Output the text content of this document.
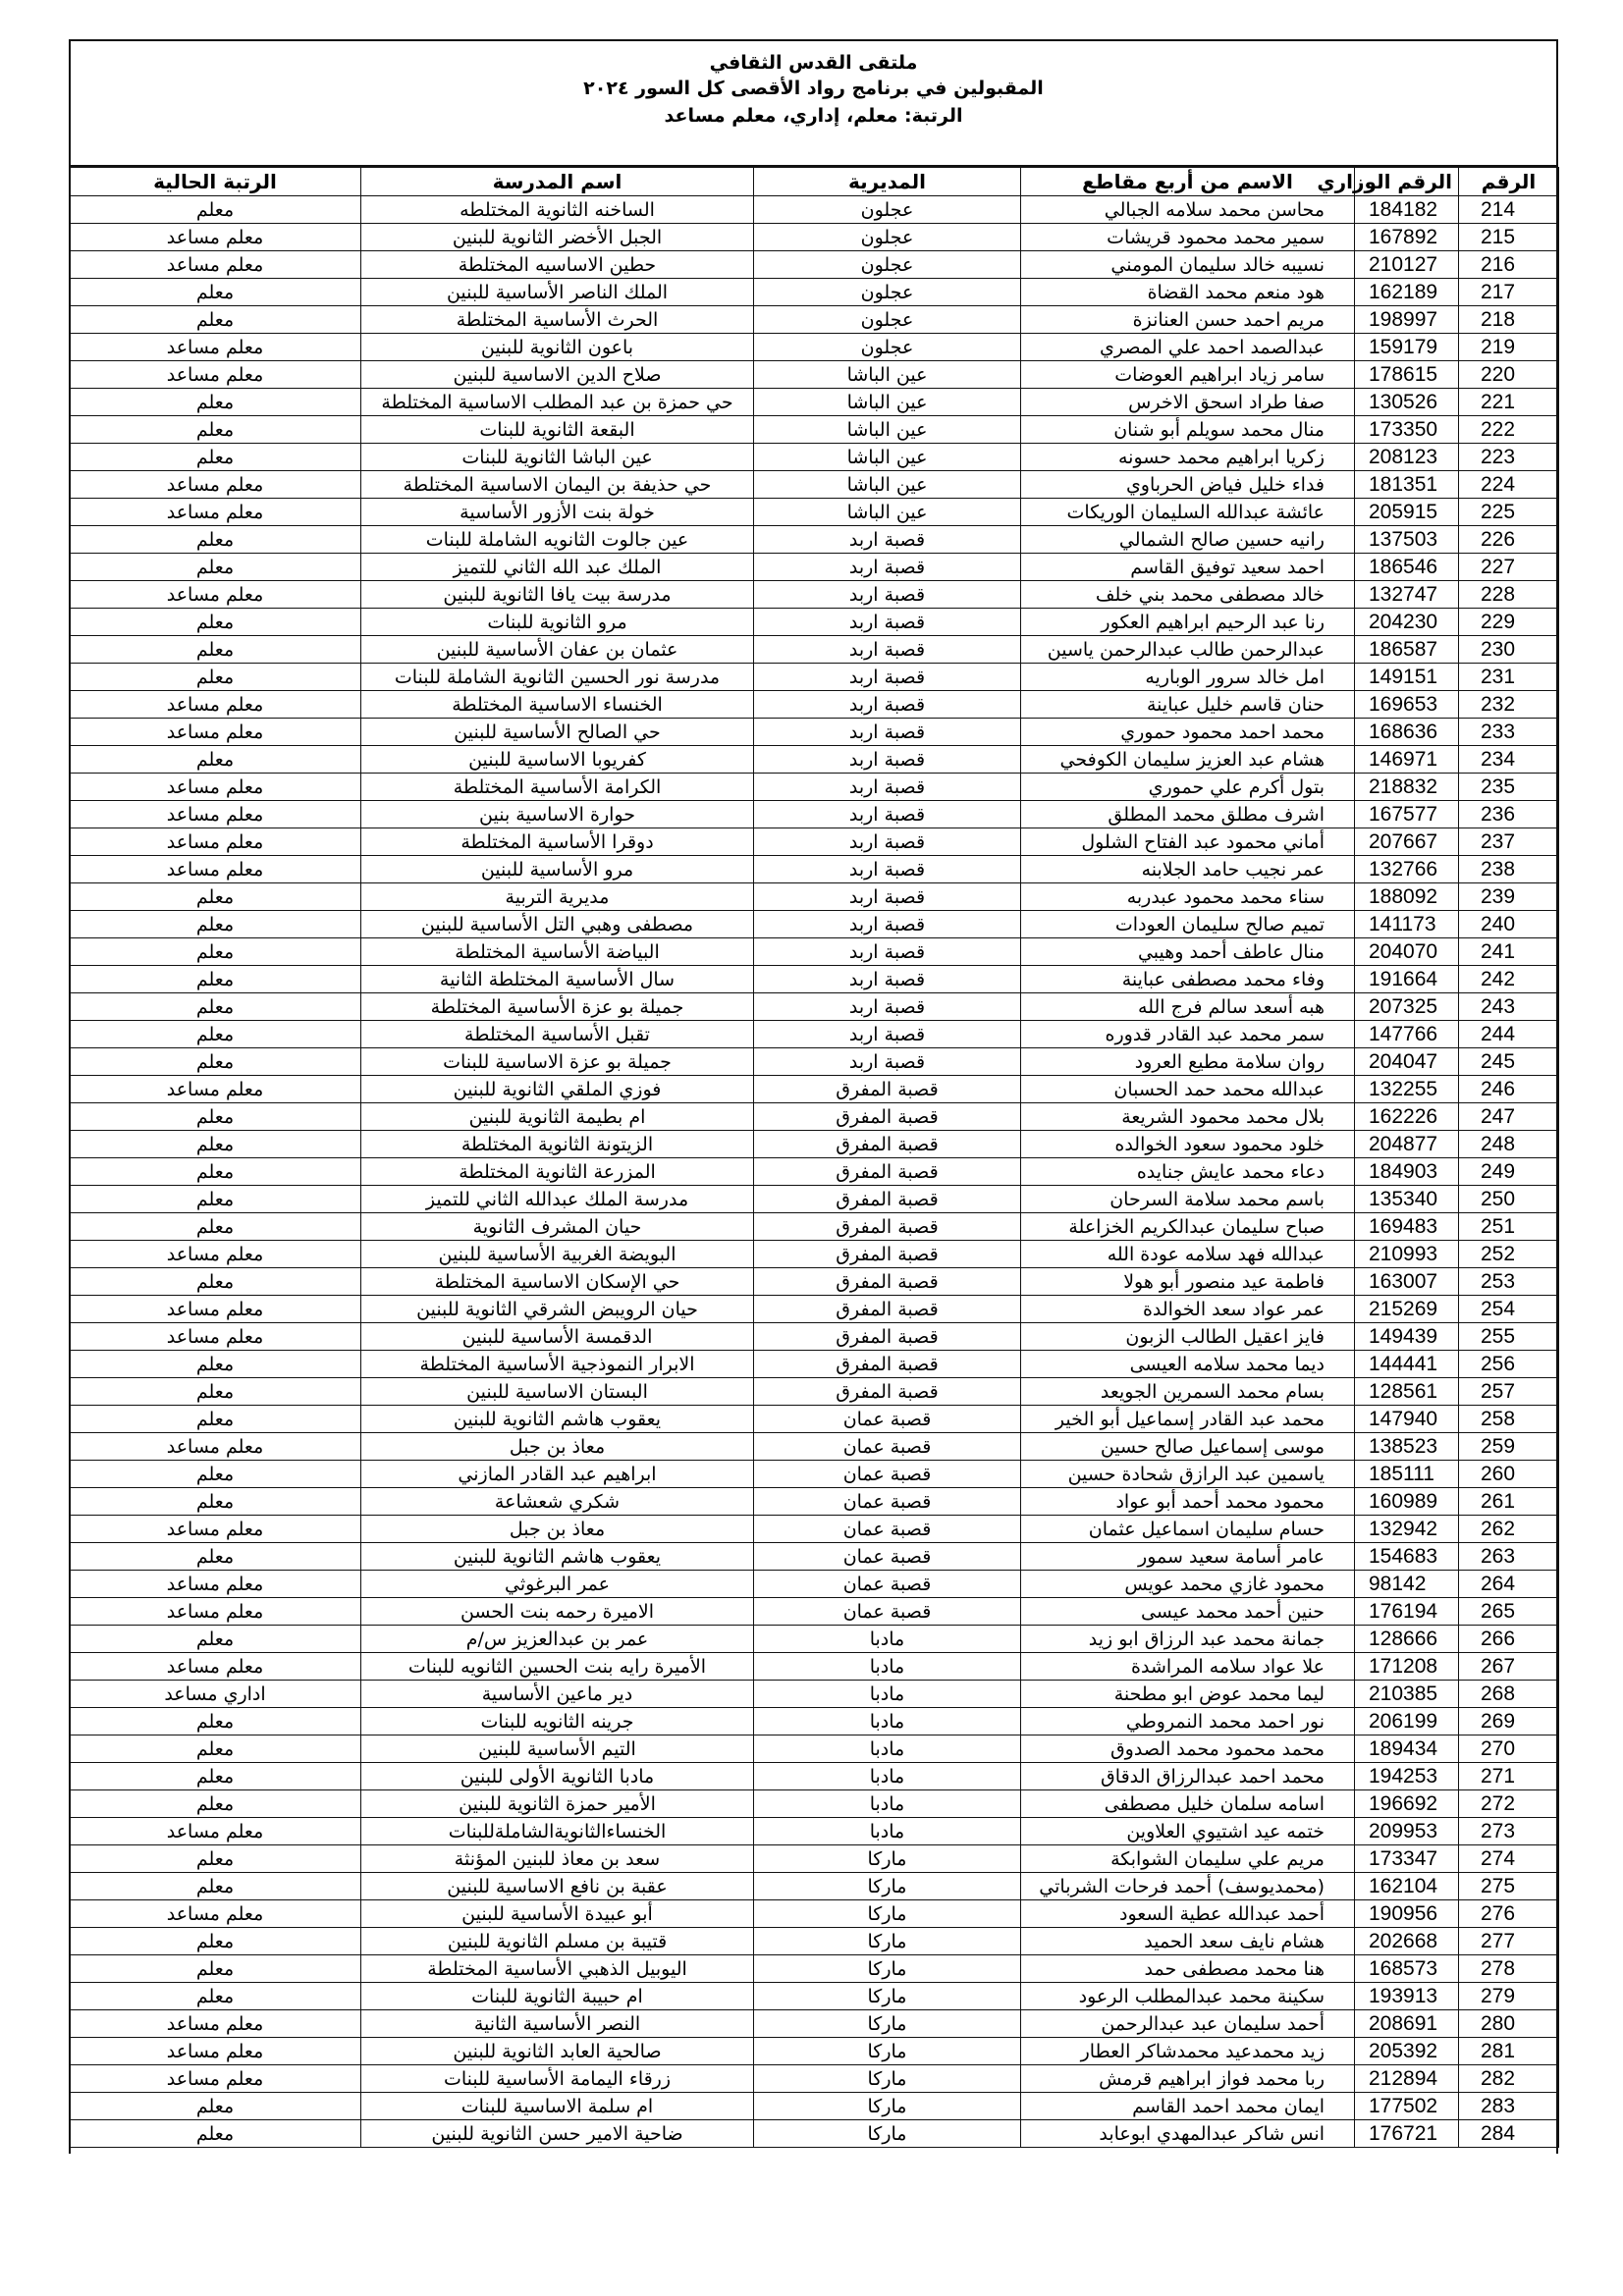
ملتقى القدس الثقافي
المقبولين في برنامج رواد الأقصى كل السور ٢٠٢٤
الرتبة: معلم، إداري، معلم مساعد
الرقم	الرقم الوزاري	الاسم من أربع مقاطع	المديرية	اسم المدرسة	الرتبة الحالية
214	184182	محاسن محمد سلامه الجبالي	عجلون	الساخنه الثانوية المختلطه	معلم
215	167892	سمير محمد محمود قريشات	عجلون	الجبل الأخضر الثانوية للبنين	معلم مساعد
216	210127	نسيبه خالد سليمان المومني	عجلون	حطين الاساسيه المختلطة	معلم مساعد
217	162189	هود منعم محمد القضاة	عجلون	الملك الناصر الأساسية للبنين	معلم
218	198997	مريم احمد حسن العنانزة	عجلون	الحرث الأساسية المختلطة	معلم
219	159179	عبدالصمد احمد علي المصري	عجلون	باعون الثانوية للبنين	معلم مساعد
220	178615	سامر زياد ابراهيم العوضات	عين الباشا	صلاح الدين الاساسية للبنين	معلم مساعد
221	130526	صفا طراد اسحق الاخرس	عين الباشا	حي حمزة بن عبد المطلب الاساسية المختلطة	معلم
222	173350	منال محمد سويلم أبو شنان	عين الباشا	البقعة الثانوية للبنات	معلم
223	208123	زكريا ابراهيم محمد حسونه	عين الباشا	عين الباشا الثانوية للبنات	معلم
224	181351	فداء خليل فياض الحرباوي	عين الباشا	حي حذيفة بن اليمان الاساسية المختلطة	معلم مساعد
225	205915	عائشة عبدالله السليمان الوريكات	عين الباشا	خولة بنت الأزور الأساسية	معلم مساعد
226	137503	رانيه حسين صالح الشمالي	قصبة اربد	عين جالوت الثانويه الشاملة للبنات	معلم
227	186546	احمد سعيد توفيق القاسم	قصبة اربد	الملك عبد الله الثاني للتميز	معلم
228	132747	خالد مصطفى محمد بني خلف	قصبة اربد	مدرسة بيت يافا الثانوية للبنين	معلم مساعد
229	204230	رنا عبد الرحيم ابراهيم العكور	قصبة اربد	مرو الثانوية للبنات	معلم
230	186587	عبدالرحمن طالب عبدالرحمن ياسين	قصبة اربد	عثمان بن عفان الأساسية للبنين	معلم
231	149151	امل خالد سرور الوباريه	قصبة اربد	مدرسة نور الحسين الثانوية الشاملة للبنات	معلم
232	169653	حنان قاسم خليل عباينة	قصبة اربد	الخنساء الاساسية المختلطة	معلم مساعد
233	168636	محمد احمد محمود حموري	قصبة اربد	حي الصالح الأساسية للبنين	معلم مساعد
234	146971	هشام عبد العزيز سليمان الكوفحي	قصبة اربد	كفريوبا الاساسية للبنين	معلم
235	218832	بتول أكرم علي حموري	قصبة اربد	الكرامة الأساسية المختلطة	معلم مساعد
236	167577	اشرف مطلق محمد المطلق	قصبة اربد	حوارة الاساسية بنين	معلم مساعد
237	207667	أماني محمود عبد الفتاح الشلول	قصبة اربد	دوقرا الأساسية المختلطة	معلم مساعد
238	132766	عمر نجيب حامد الجلابنه	قصبة اربد	مرو الأساسية للبنين	معلم مساعد
239	188092	سناء محمد محمود عبدربه	قصبة اربد	مديرية التربية	معلم
240	141173	تميم صالح سليمان العودات	قصبة اربد	مصطفى وهبي التل الأساسية للبنين	معلم
241	204070	منال عاطف أحمد وهيبي	قصبة اربد	البياضة الأساسية المختلطة	معلم
242	191664	وفاء محمد مصطفى عباينة	قصبة اربد	سال الأساسية المختلطة الثانية	معلم
243	207325	هبه أسعد سالم فرج الله	قصبة اربد	جميلة بو عزة الأساسية المختلطة	معلم
244	147766	سمر محمد عبد القادر قدوره	قصبة اربد	تقبل الأساسية المختلطة	معلم
245	204047	روان سلامة مطيع العرود	قصبة اربد	جميلة بو عزة الاساسية للبنات	معلم
246	132255	عبدالله محمد حمد الحسبان	قصبة المفرق	فوزي الملقي الثانوية للبنين	معلم مساعد
247	162226	بلال محمد محمود الشريعة	قصبة المفرق	ام بطيمة الثانوية للبنين	معلم
248	204877	خلود محمود سعود الخوالده	قصبة المفرق	الزيتونة الثانوية المختلطة	معلم
249	184903	دعاء محمد عايش جنايده	قصبة المفرق	المزرعة الثانوية المختلطة	معلم
250	135340	باسم محمد سلامة السرحان	قصبة المفرق	مدرسة الملك عبدالله الثاني للتميز	معلم
251	169483	صباح سليمان عبدالكريم الخزاعلة	قصبة المفرق	حيان المشرف الثانوية	معلم
252	210993	عبدالله فهد سلامه عودة الله	قصبة المفرق	البويضة الغربية الأساسية للبنين	معلم مساعد
253	163007	فاطمة عيد منصور أبو هولا	قصبة المفرق	حي الإسكان الاساسية المختلطة	معلم
254	215269	عمر عواد سعد الخوالدة	قصبة المفرق	حيان الرويبض الشرقي الثانوية للبنين	معلم مساعد
255	149439	فايز اعقيل الطالب الزبون	قصبة المفرق	الدقمسة الأساسية للبنين	معلم مساعد
256	144441	ديما محمد سلامه العيسى	قصبة المفرق	الابرار النموذجية الأساسية المختلطة	معلم
257	128561	بسام محمد السمرين الجويعد	قصبة المفرق	البستان الاساسية للبنين	معلم
258	147940	محمد عبد القادر إسماعيل أبو الخير	قصبة عمان	يعقوب هاشم الثانوية للبنين	معلم
259	138523	موسى إسماعيل صالح حسين	قصبة عمان	معاذ بن جبل	معلم مساعد
260	185111	ياسمين عبد الرازق شحادة حسين	قصبة عمان	ابراهيم عبد القادر المازني	معلم
261	160989	محمود محمد أحمد أبو عواد	قصبة عمان	شكري شعشاعة	معلم
262	132942	حسام سليمان اسماعيل عثمان	قصبة عمان	معاذ بن جبل	معلم مساعد
263	154683	عامر أسامة سعيد سمور	قصبة عمان	يعقوب هاشم الثانوية للبنين	معلم
264	98142	محمود غازي محمد عويس	قصبة عمان	عمر البرغوثي	معلم مساعد
265	176194	حنين أحمد محمد عيسى	قصبة عمان	الاميرة رحمه بنت الحسن	معلم مساعد
266	128666	جمانة محمد عبد الرزاق ابو زيد	مادبا	عمر بن عبدالعزيز س/م	معلم
267	171208	علا عواد سلامه المراشدة	مادبا	الأميرة رايه بنت الحسين الثانويه للبنات	معلم مساعد
268	210385	ليما محمد عوض ابو مطحنة	مادبا	دير ماعين الأساسية	اداري مساعد
269	206199	نور احمد محمد النمروطي	مادبا	جرينه الثانويه للبنات	معلم
270	189434	محمد محمود محمد الصدوق	مادبا	التيم الأساسية للبنين	معلم
271	194253	محمد احمد عبدالرزاق الدقاق	مادبا	مادبا الثانوية الأولى للبنين	معلم
272	196692	اسامه سلمان خليل مصطفى	مادبا	الأمير حمزة الثانوية للبنين	معلم
273	209953	ختمه عيد اشتيوي العلاوين	مادبا	الخنساءالثانويةالشاملةللبنات	معلم مساعد
274	173347	مريم علي سليمان الشوابكة	ماركا	سعد بن معاذ للبنين المؤنثة	معلم
275	162104	(محمديوسف) أحمد فرحات الشرباتي	ماركا	عقبة بن نافع الاساسية للبنين	معلم
276	190956	أحمد عبدالله عطية السعود	ماركا	أبو عبيدة الأساسية للبنين	معلم مساعد
277	202668	هشام نايف سعد الحميد	ماركا	قتيبة بن مسلم الثانوية للبنين	معلم
278	168573	هنا محمد مصطفى حمد	ماركا	اليوبيل الذهبي الأساسية المختلطة	معلم
279	193913	سكينة محمد عبدالمطلب الرعود	ماركا	ام حبيبة الثانوية للبنات	معلم
280	208691	أحمد سليمان عبد عبدالرحمن	ماركا	النصر الأساسية الثانية	معلم مساعد
281	205392	زيد محمدعيد محمدشاكر العطار	ماركا	صالحية العابد الثانوية للبنين	معلم مساعد
282	212894	ربا محمد فواز ابراهيم قرمش	ماركا	زرقاء اليمامة الأساسية للبنات	معلم مساعد
283	177502	ايمان محمد احمد القاسم	ماركا	ام سلمة الاساسية للبنات	معلم
284	176721	انس شاكر عبدالمهدي ابوعابد	ماركا	ضاحية الامير حسن الثانوية للبنين	معلم
